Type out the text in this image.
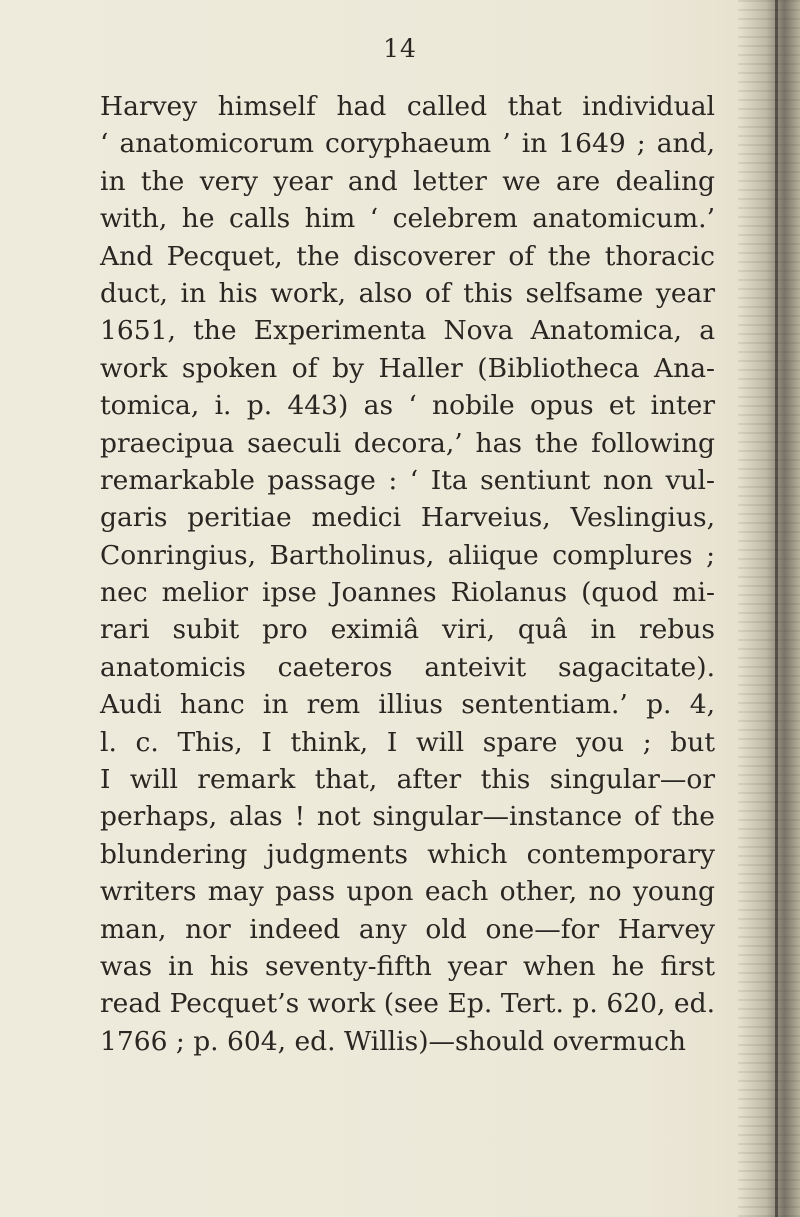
14

Harvey himself had called that individual
‘ anatomicorum coryphaeum ’ in 1649 ; and,
in the very year and letter we are dealing
with, he calls him ‘ celebrem anatomicum.’
And Pecquet, the discoverer of the thoracic
duct, in his work, also of this selfsame year
1651, the Experimenta Nova Anatomica, a
work spoken of by Haller (Bibliotheca Ana-
tomica, i. p. 443) as ‘ nobile opus et inter
praecipua saeculi decora,’ has the following
remarkable passage : ‘ Ita sentiunt non vul-
garis peritiae medici Harveius, Veslingius,
Conringius, Bartholinus, aliique complures ;
nec melior ipse Joannes Riolanus (quod mi-
rari subit pro eximiâ viri, quâ in rebus
anatomicis caeteros anteivit sagacitate).
Audi hanc in rem illius sententiam.’ p. 4,
l. c. This, I think, I will spare you ; but
I will remark that, after this singular—or
perhaps, alas ! not singular—instance of the
blundering judgments which contemporary
writers may pass upon each other, no young
man, nor indeed any old one—for Harvey
was in his seventy-fifth year when he first
read Pecquet’s work (see Ep. Tert. p. 620, ed.
1766 ; p. 604, ed. Willis)—should overmuch
